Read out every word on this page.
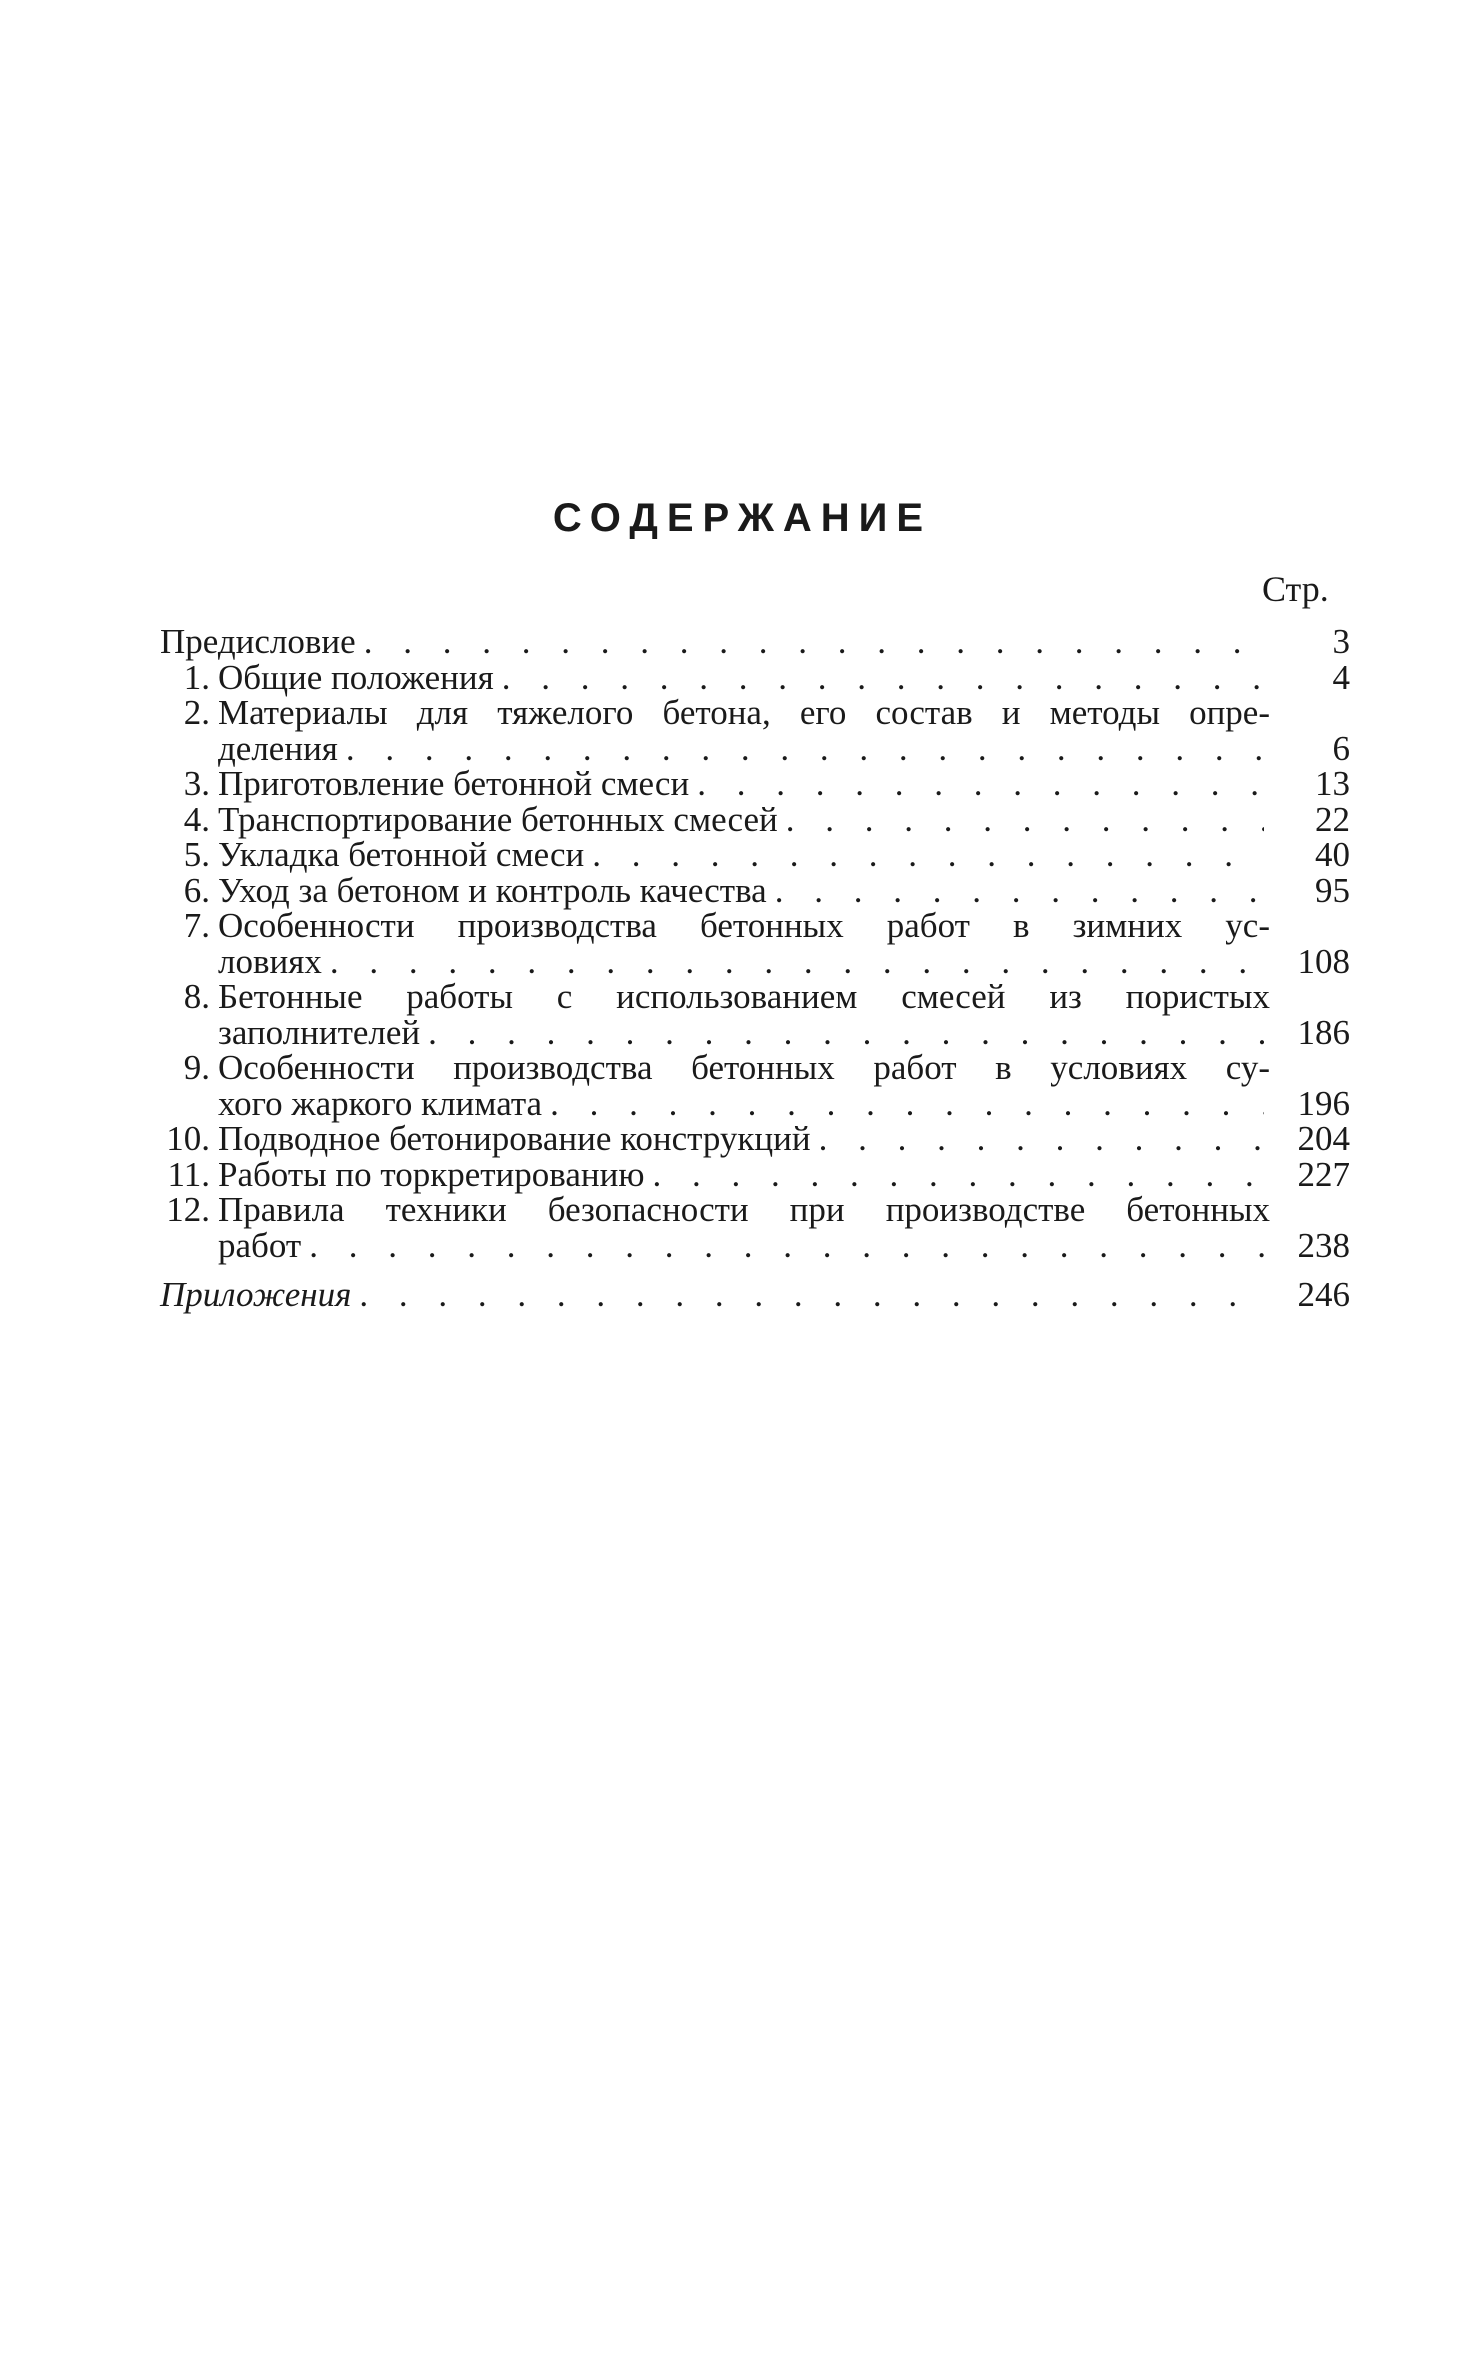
СОДЕРЖАНИЕ
Стр.
Предисловие . . .	3
1. Общие положения . . .	4
2. Материалы для тяжелого бетона, его состав и методы опре-
деления . . .	6
3. Приготовление бетонной смеси . . .	13
4. Транспортирование бетонных смесей . . .	22
5. Укладка бетонной смеси . . .	40
6. Уход за бетоном и контроль качества . . .	95
7. Особенности производства бетонных работ в зимних ус-
ловиях . . .	108
8. Бетонные работы с использованием смесей из пористых
заполнителей . . .	186
9. Особенности производства бетонных работ в условиях су-
хого жаркого климата . . .	196
10. Подводное бетонирование конструкций . . .	204
11. Работы по торкретированию . . .	227
12. Правила техники безопасности при производстве бетонных
работ . . .	238
Приложения . . .	246
